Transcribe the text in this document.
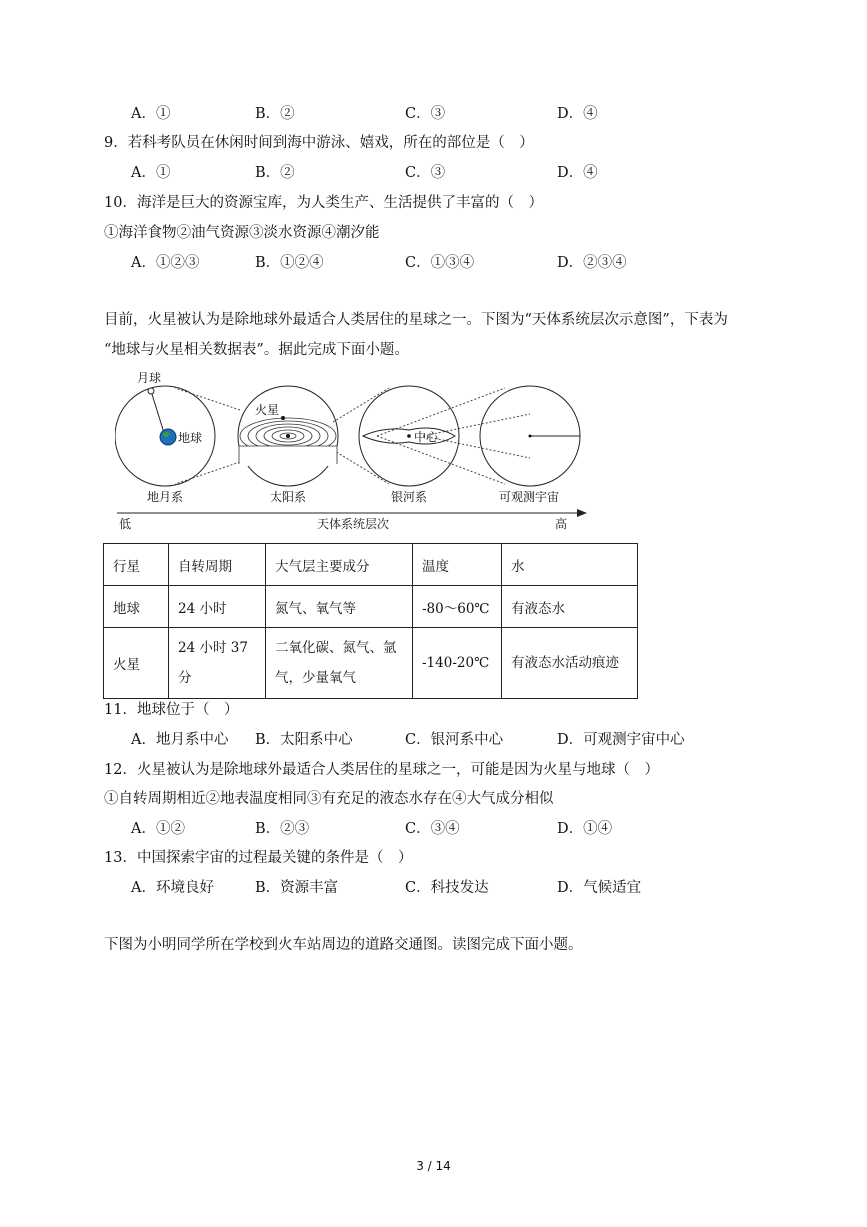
A．①	B．②	C．③	D．④
9．若科考队员在休闲时间到海中游泳、嬉戏，所在的部位是（　）
A．①	B．②	C．③	D．④
10．海洋是巨大的资源宝库，为人类生产、生活提供了丰富的（　）
①海洋食物②油气资源③淡水资源④潮汐能
A．①②③	B．①②④	C．①③④	D．②③④
目前，火星被认为是除地球外最适合人类居住的星球之一。下图为“天体系统层次示意图”，下表为
“地球与火星相关数据表”。据此完成下面小题。
月球
地球
火星
中心
地月系	太阳系	银河系	可观测宇宙
低	天体系统层次	高
行星	自转周期	大气层主要成分	温度	水
地球	24 小时	氮气、氧气等	-80～60℃	有液态水
火星	24 小时 37 分	二氧化碳、氮气、氩气，少量氧气	-140-20℃	有液态水活动痕迹
11．地球位于（　）
A．地月系中心 B．太阳系中心	C．银河系中心	D．可观测宇宙中心
12．火星被认为是除地球外最适合人类居住的星球之一，可能是因为火星与地球（　）
①自转周期相近②地表温度相同③有充足的液态水存在④大气成分相似
A．①②	B．②③	C．③④	D．①④
13．中国探索宇宙的过程最关键的条件是（　）
A．环境良好	B．资源丰富	C．科技发达	D．气候适宜
下图为小明同学所在学校到火车站周边的道路交通图。读图完成下面小题。
3 / 14
